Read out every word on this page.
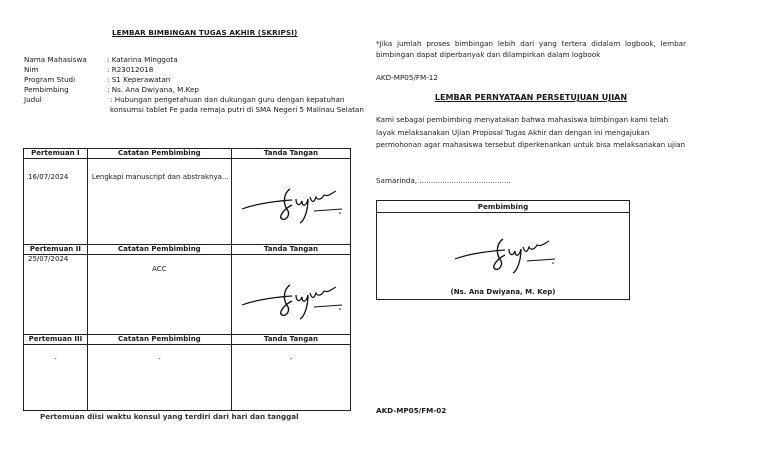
LEMBAR BIMBINGAN TUGAS AKHIR (SKRIPSI)
Nama Mahasiswa	: Katarina Minggota
Nim	: R23012018
Program Studi	: S1 Keperawatan
Pembimbing	: Ns. Ana Dwiyana, M.Kep
Judul	: Hubungan pengetahuan dan dukungan guru dengan kepatuhan konsumsi tablet Fe pada remaja putri di SMA Negeri 5 Malinau Selatan
Pertemuan I	Catatan Pembimbing	Tanda Tangan
16/07/2024	Lengkapi manuscript dan abstraknya...	

Pertemuan II	Catatan Pembimbing	Tanda Tangan
25/07/2024	ACC	

Pertemuan III	Catatan Pembimbing	Tanda Tangan
-	-	-
Pertemuan diisi waktu konsul yang terdiri dari hari dan tanggal
*Jika jumlah proses bimbingan lebih dari yang tertera didalam logbook, lembar bimbingan dapat diperbanyak dan dilampirkan dalam logbook
AKD-MP05/FM-12
LEMBAR PERNYATAAN PERSETUJUAN UJIAN
Kami sebagai pembimbing menyatakan bahwa mahasiswa bimbingan kami telah layak melaksanakan Ujian Proposal Tugas Akhir dan dengan ini mengajukan permohonan agar mahasiswa tersebut diperkenankan untuk bisa melaksanakan ujian
Samarinda, ........................................
Pembimbing
(Ns. Ana Dwiyana, M. Kep)
AKD-MP05/FM-02
